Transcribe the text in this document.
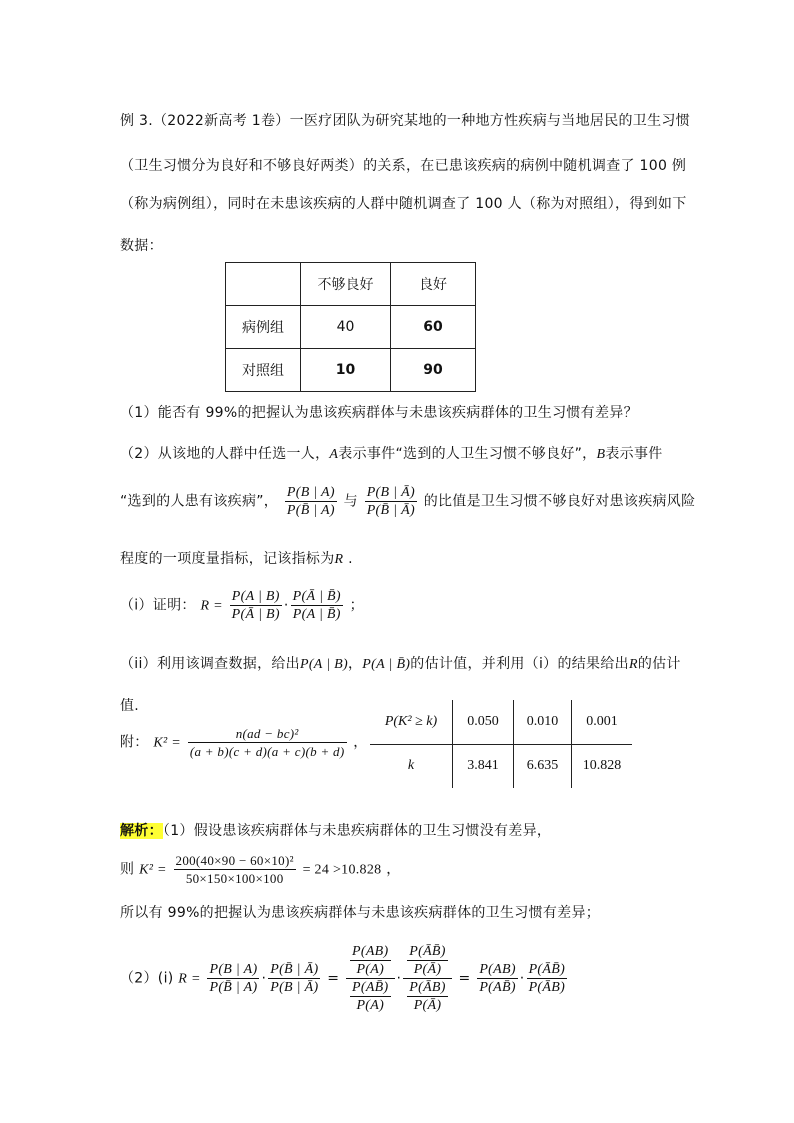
例 3.（2022新高考 1卷）一医疗团队为研究某地的一种地方性疾病与当地居民的卫生习惯
（卫生习惯分为良好和不够良好两类）的关系，在已患该疾病的病例中随机调查了 100 例
（称为病例组），同时在未患该疾病的人群中随机调查了 100 人（称为对照组），得到如下
数据：
	不够良好	良好
病例组	40	60
对照组	10	90
（1）能否有 99%的把握认为患该疾病群体与未患该疾病群体的卫生习惯有差异？
（2）从该地的人群中任选一人，A表示事件“选到的人卫生习惯不够良好”，B表示事件
“选到的人患有该疾病”， $\frac{P(B | A)}{P(B̄ | A)}$ 与 $\frac{P(B | Ā)}{P(B̄ | Ā)}$ 的比值是卫生习惯不够良好对患该疾病风险
程度的一项度量指标，记该指标为R .
（i）证明： $R = \frac{P(A | B)}{P(Ā | B)} \cdot \frac{P(Ā | B̄)}{P(A | B̄)}$ ；
（ii）利用该调查数据，给出P(A | B)，P(A | B̄)的估计值，并利用（i）的结果给出R的估计
值.
附： $K^2 = \frac{\text{n(ad − bc)²}}{(a + b)(c + d)(a + c)(b + d)}$ ，
P(K² ≥ k)	0.050	0.010	0.001
k	3.841	6.635	10.828
解析：（1）假设患该疾病群体与未患疾病群体的卫生习惯没有差异，
则 $K^2 = \frac{\text{200(40×90 − 60×10)²}}{50\times 150\times 100\times 100} = 24 >10.828$ ，
所以有 99%的把握认为患该疾病群体与未患该疾病群体的卫生习惯有差异；
（2）(i) $R = \frac{P(B | A)}{P(B̄ | A)} \cdot \frac{P(B̄ | Ā)}{P(B | Ā)} = \frac{\frac{P(AB)}{P(A)}}{\frac{P(AB̄)}{P(A)}} \cdot \frac{\frac{P(ĀB̄)}{P(Ā)}}{\frac{P(ĀB)}{P(Ā)}} = \frac{P(AB)}{P(AB̄)} \cdot \frac{P(ĀB̄)}{P(ĀB)}$
